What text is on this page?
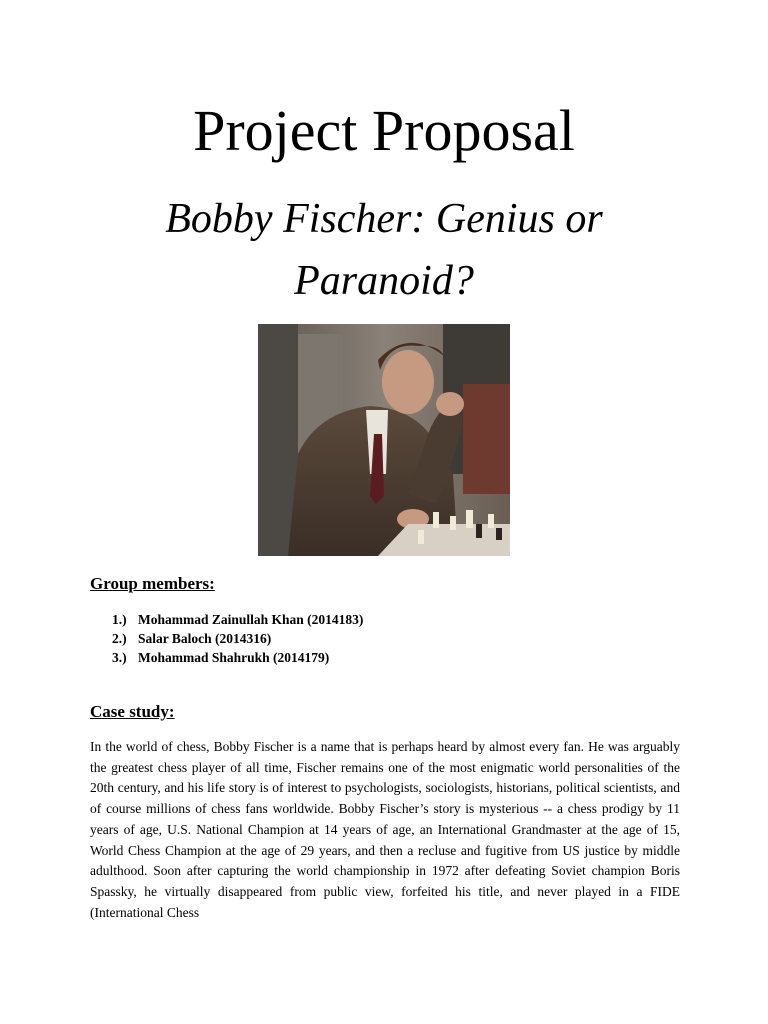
Project Proposal
Bobby Fischer: Genius or Paranoid?
Group members:
1.) Mohammad Zainullah Khan (2014183)
2.) Salar Baloch (2014316)
3.) Mohammad Shahrukh (2014179)
Case study:
In the world of chess, Bobby Fischer is a name that is perhaps heard by almost every fan. He was arguably the greatest chess player of all time, Fischer remains one of the most enigmatic world personalities of the 20th century, and his life story is of interest to psychologists, sociologists, historians, political scientists, and of course millions of chess fans worldwide. Bobby Fischer’s story is mysterious -- a chess prodigy by 11 years of age, U.S. National Champion at 14 years of age, an International Grandmaster at the age of 15, World Chess Champion at the age of 29 years, and then a recluse and fugitive from US justice by middle adulthood. Soon after capturing the world championship in 1972 after defeating Soviet champion Boris Spassky, he virtually disappeared from public view, forfeited his title, and never played in a FIDE (International Chess
